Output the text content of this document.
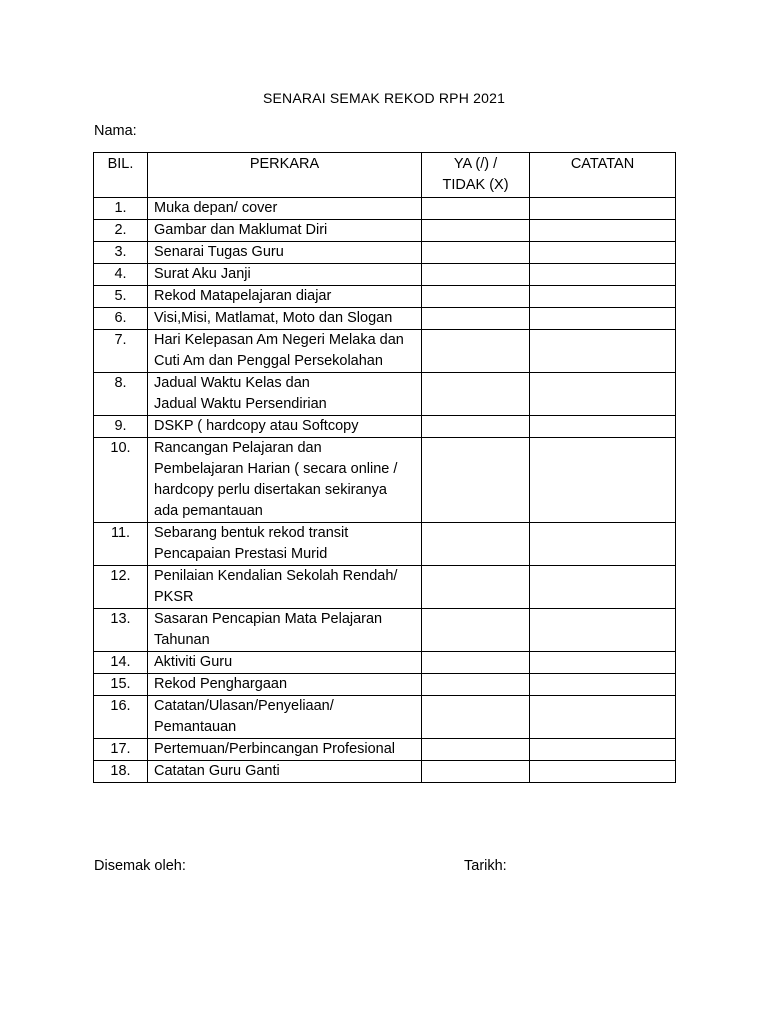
SENARAI SEMAK REKOD RPH 2021
Nama:
BIL.	PERKARA	YA (/) / TIDAK (X)	CATATAN
1.	Muka depan/ cover		
2.	Gambar dan Maklumat Diri		
3.	Senarai Tugas Guru		
4.	Surat Aku Janji		
5.	Rekod Matapelajaran diajar		
6.	Visi,Misi, Matlamat, Moto dan Slogan		
7.	Hari Kelepasan Am Negeri Melaka dan Cuti Am dan Penggal Persekolahan		
8.	Jadual Waktu Kelas dan
Jadual Waktu Persendirian		
9.	DSKP ( hardcopy atau Softcopy		
10.	Rancangan Pelajaran dan Pembelajaran Harian ( secara online / hardcopy perlu disertakan sekiranya ada pemantauan		
11.	Sebarang bentuk rekod transit Pencapaian Prestasi Murid		
12.	Penilaian Kendalian Sekolah Rendah/ PKSR		
13.	Sasaran Pencapian Mata Pelajaran Tahunan		
14.	Aktiviti Guru		
15.	Rekod Penghargaan		
16.	Catatan/Ulasan/Penyeliaan/ Pemantauan		
17.	Pertemuan/Perbincangan Profesional		
18.	Catatan Guru Ganti		
Disemak oleh:	Tarikh:
